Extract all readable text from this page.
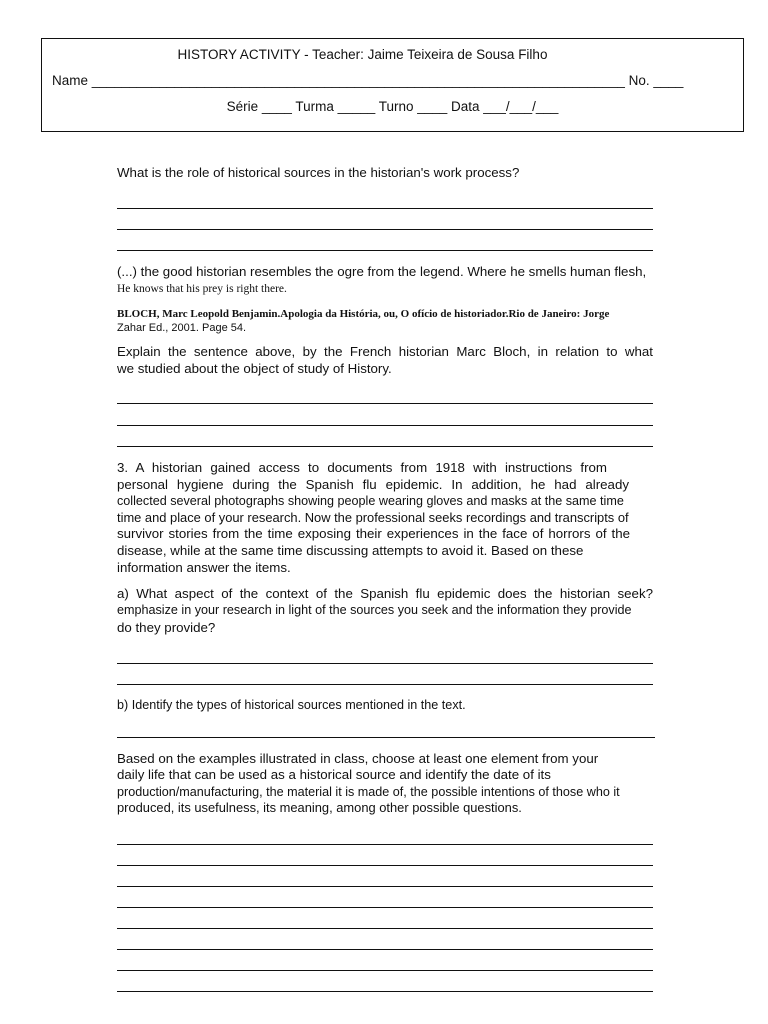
HISTORY ACTIVITY - Teacher: Jaime Teixeira de Sousa Filho
Name _______________________________________________________________________ No. ____
Série ____ Turma _____ Turno ____ Data ___/___/___
What is the role of historical sources in the historian's work process?
(...) the good historian resembles the ogre from the legend. Where he smells human flesh,
He knows that his prey is right there.
BLOCH, Marc Leopold Benjamin.Apologia da História, ou, O ofício de historiador.Rio de Janeiro: Jorge
Zahar Ed., 2001. Page 54.
Explain the sentence above, by the French historian Marc Bloch, in relation to what
we studied about the object of study of History.
3. A historian gained access to documents from 1918 with instructions from
personal hygiene during the Spanish flu epidemic. In addition, he had already
collected several photographs showing people wearing gloves and masks at the same time
time and place of your research. Now the professional seeks recordings and transcripts of
survivor stories from the time exposing their experiences in the face of horrors of the
disease, while at the same time discussing attempts to avoid it. Based on these
information answer the items.
a) What aspect of the context of the Spanish flu epidemic does the historian seek?
emphasize in your research in light of the sources you seek and the information they provide
do they provide?
b) Identify the types of historical sources mentioned in the text.
Based on the examples illustrated in class, choose at least one element from your
daily life that can be used as a historical source and identify the date of its
production/manufacturing, the material it is made of, the possible intentions of those who it
produced, its usefulness, its meaning, among other possible questions.
